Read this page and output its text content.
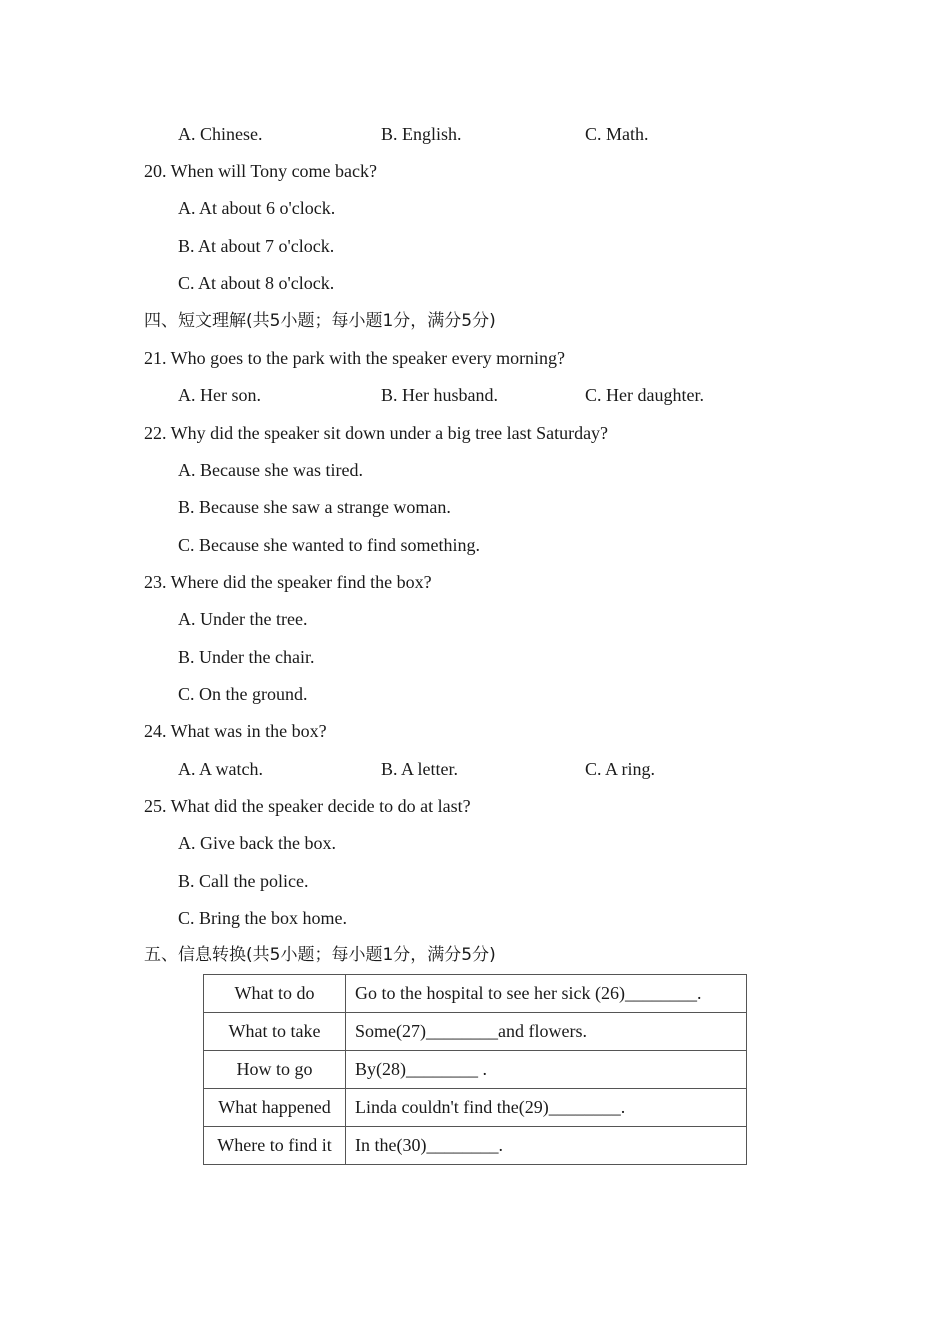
A. Chinese.	B. English.	C. Math.
20. When will Tony come back?
A. At about 6 o'clock.
B. At about 7 o'clock.
C. At about 8 o'clock.
四、短文理解(共5小题；每小题1分，满分5分)
21. Who goes to the park with the speaker every morning?
A. Her son.	B. Her husband.	C. Her daughter.
22. Why did the speaker sit down under a big tree last Saturday?
A. Because she was tired.
B. Because she saw a strange woman.
C. Because she wanted to find something.
23. Where did the speaker find the box?
A. Under the tree.
B. Under the chair.
C. On the ground.
24. What was in the box?
A. A watch.	B. A letter.	C. A ring.
25. What did the speaker decide to do at last?
A. Give back the box.
B. Call the police.
C. Bring the box home.
五、信息转换(共5小题；每小题1分，满分5分)
What to do	Go to the hospital to see her sick (26)________.
What to take	Some(27)________and flowers.
How to go	By(28)________ .
What happened	Linda couldn't find the(29)________.
Where to find it	In the(30)________.
